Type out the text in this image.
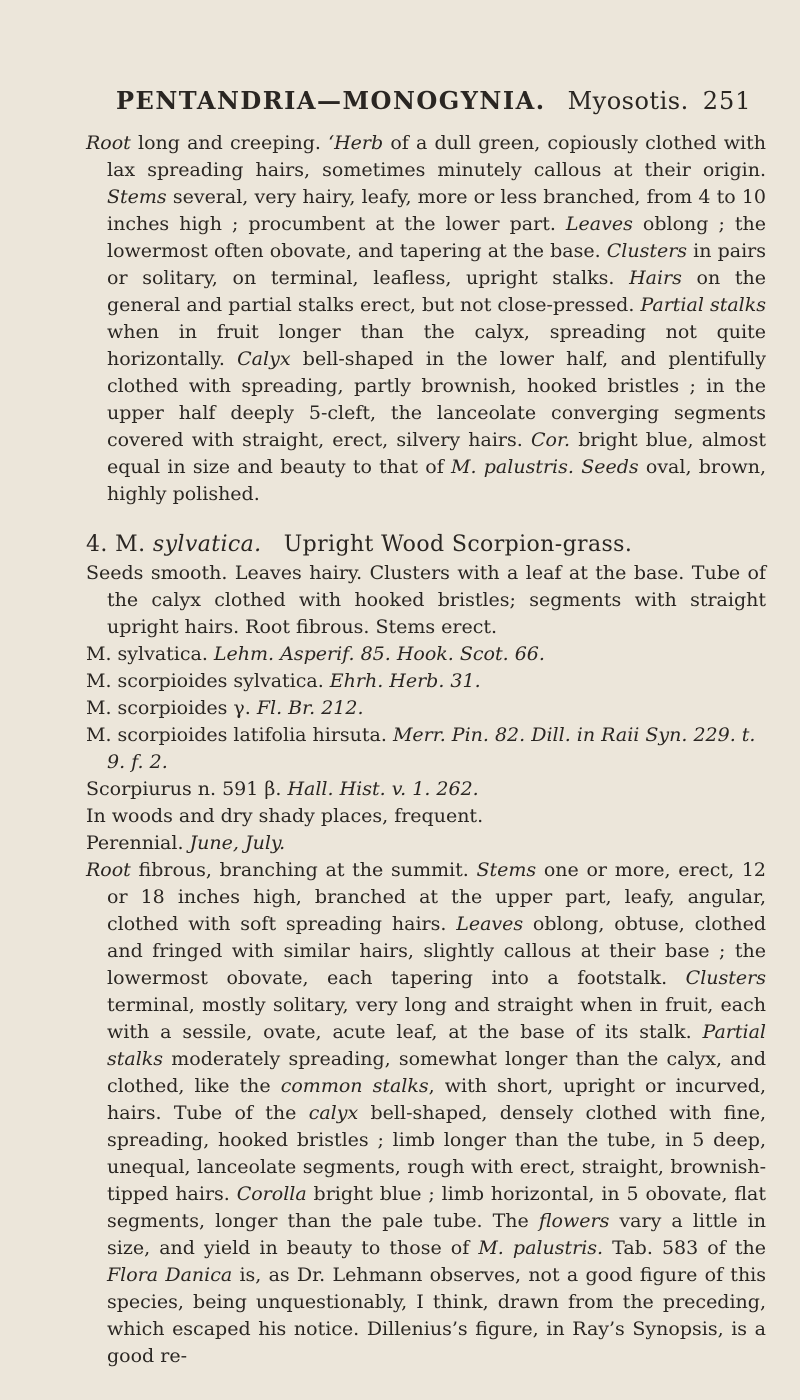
PENTANDRIA—MONOGYNIA. Myosotis. 251

Root long and creeping. ‘Herb of a dull green, copiously clothed with lax spreading hairs, sometimes minutely callous at their origin. Stems several, very hairy, leafy, more or less branched, from 4 to 10 inches high ; procumbent at the lower part. Leaves oblong ; the lowermost often obovate, and tapering at the base. Clusters in pairs or solitary, on terminal, leafless, upright stalks. Hairs on the general and partial stalks erect, but not close-pressed. Partial stalks when in fruit longer than the calyx, spreading not quite horizontally. Calyx bell-shaped in the lower half, and plentifully clothed with spreading, partly brownish, hooked bristles ; in the upper half deeply 5-cleft, the lanceolate converging segments covered with straight, erect, silvery hairs. Cor. bright blue, almost equal in size and beauty to that of M. palustris. Seeds oval, brown, highly polished.

4. M. sylvatica. Upright Wood Scorpion-grass.

Seeds smooth. Leaves hairy. Clusters with a leaf at the base. Tube of the calyx clothed with hooked bristles; segments with straight upright hairs. Root fibrous. Stems erect.

M. sylvatica. Lehm. Asperif. 85. Hook. Scot. 66.

M. scorpioides sylvatica. Ehrh. Herb. 31.

M. scorpioides γ. Fl. Br. 212.

M. scorpioides latifolia hirsuta. Merr. Pin. 82. Dill. in Raii Syn. 229. t. 9. f. 2.

Scorpiurus n. 591 β. Hall. Hist. v. 1. 262.

In woods and dry shady places, frequent.

Perennial. June, July.

Root fibrous, branching at the summit. Stems one or more, erect, 12 or 18 inches high, branched at the upper part, leafy, angular, clothed with soft spreading hairs. Leaves oblong, obtuse, clothed and fringed with similar hairs, slightly callous at their base ; the lowermost obovate, each tapering into a footstalk. Clusters terminal, mostly solitary, very long and straight when in fruit, each with a sessile, ovate, acute leaf, at the base of its stalk. Partial stalks moderately spreading, somewhat longer than the calyx, and clothed, like the common stalks, with short, upright or incurved, hairs. Tube of the calyx bell-shaped, densely clothed with fine, spreading, hooked bristles ; limb longer than the tube, in 5 deep, unequal, lanceolate segments, rough with erect, straight, brownish-tipped hairs. Corolla bright blue ; limb horizontal, in 5 obovate, flat segments, longer than the pale tube. The flowers vary a little in size, and yield in beauty to those of M. palustris. Tab. 583 of the Flora Danica is, as Dr. Lehmann observes, not a good figure of this species, being unquestionably, I think, drawn from the preceding, which escaped his notice. Dillenius’s figure, in Ray’s Synopsis, is a good re-
